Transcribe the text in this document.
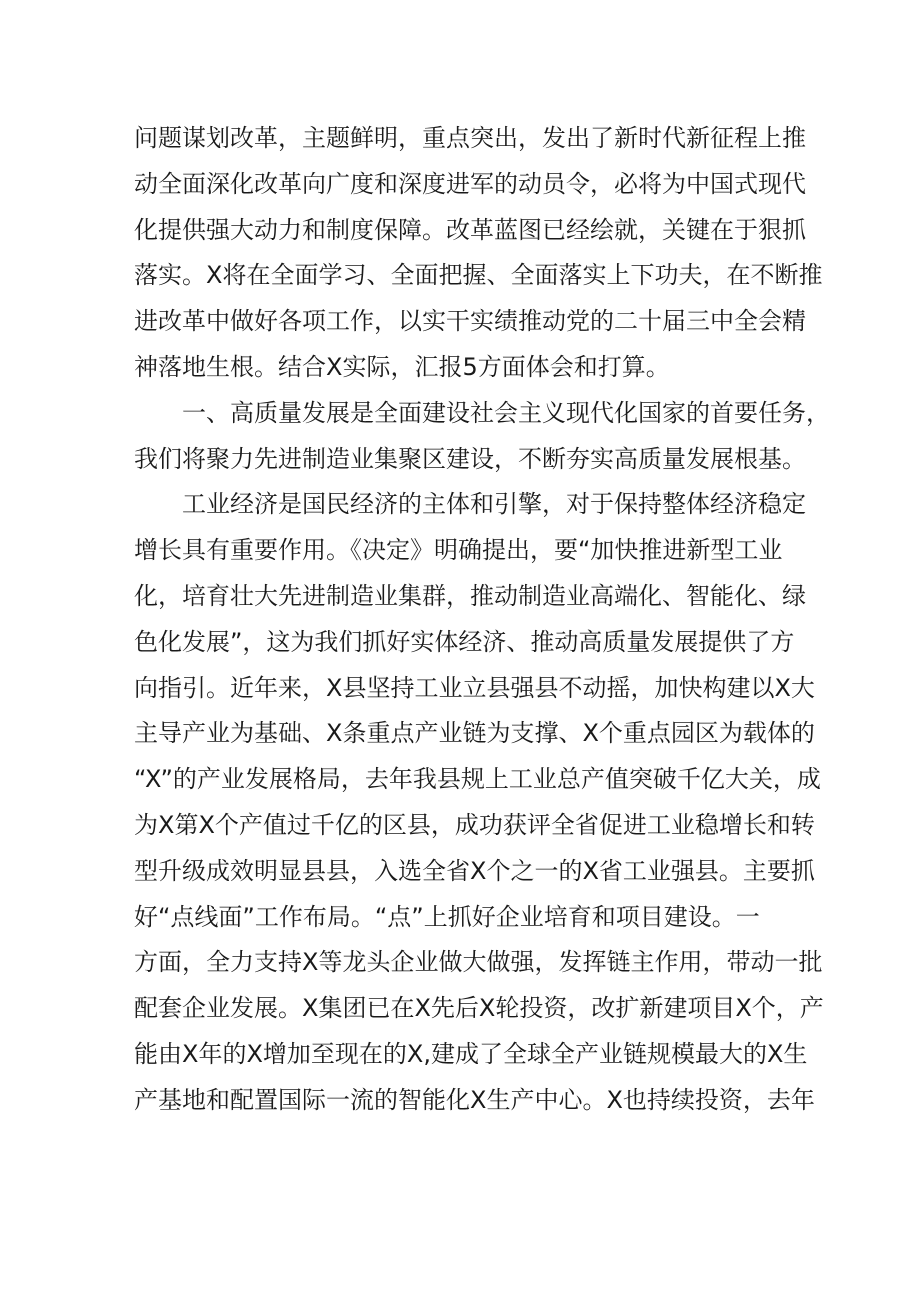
问题谋划改革，主题鲜明，重点突出，发出了新时代新征程上推
动全面深化改革向广度和深度进军的动员令，必将为中国式现代
化提供强大动力和制度保障。改革蓝图已经绘就，关键在于狠抓
落实。X将在全面学习、全面把握、全面落实上下功夫，在不断推
进改革中做好各项工作，以实干实绩推动党的二十届三中全会精
神落地生根。结合X实际，汇报5方面体会和打算。
一、高质量发展是全面建设社会主义现代化国家的首要任务，
我们将聚力先进制造业集聚区建设，不断夯实高质量发展根基。
工业经济是国民经济的主体和引擎，对于保持整体经济稳定
增长具有重要作用。《决定》明确提出，要“加快推进新型工业
化，培育壮大先进制造业集群，推动制造业高端化、智能化、绿
色化发展”，这为我们抓好实体经济、推动高质量发展提供了方
向指引。近年来，X县坚持工业立县强县不动摇，加快构建以X大
主导产业为基础、X条重点产业链为支撑、X个重点园区为载体的
“X”的产业发展格局，去年我县规上工业总产值突破千亿大关，成
为X第X个产值过千亿的区县，成功获评全省促进工业稳增长和转
型升级成效明显县县，入选全省X个之一的X省工业强县。主要抓
好“点线面”工作布局。“点”上抓好企业培育和项目建设。一
方面，全力支持X等龙头企业做大做强，发挥链主作用，带动一批
配套企业发展。X集团已在X先后X轮投资，改扩新建项目X个，产
能由X年的X增加至现在的X,建成了全球全产业链规模最大的X生
产基地和配置国际一流的智能化X生产中心。X也持续投资，去年
